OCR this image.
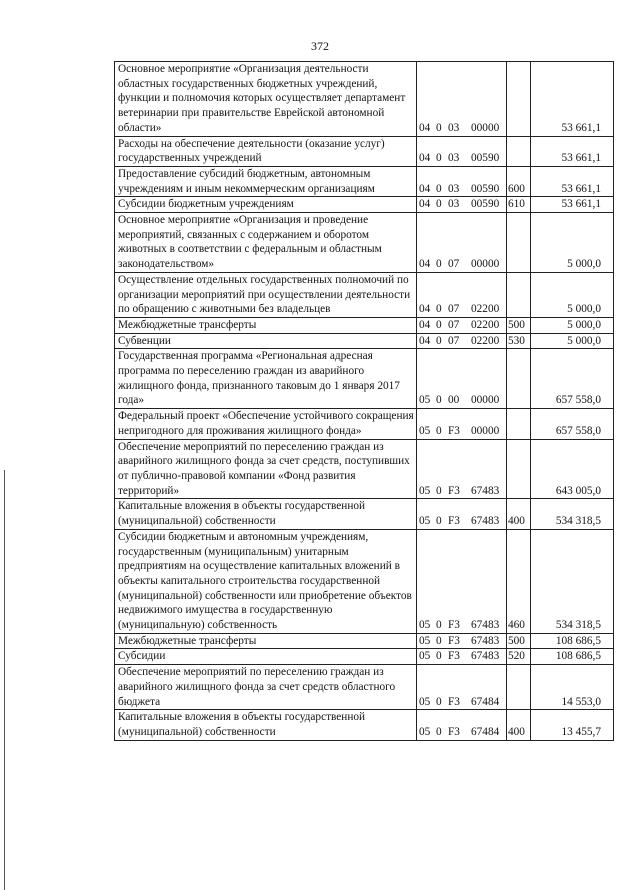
372
Основное мероприятие «Организация деятельности областных государственных бюджетных учреждений, функции и полномочия которых осуществляет департамент ветеринарии при правительстве Еврейской автономной области»	04 0 03 00000		53 661,1
Расходы на обеспечение деятельности (оказание услуг) государственных учреждений	04 0 03 00590		53 661,1
Предоставление субсидий бюджетным, автономным учреждениям и иным некоммерческим организациям	04 0 03 00590	600	53 661,1
Субсидии бюджетным учреждениям	04 0 03 00590	610	53 661,1
Основное мероприятие «Организация и проведение мероприятий, связанных с содержанием и оборотом животных в соответствии с федеральным и областным законодательством»	04 0 07 00000		5 000,0
Осуществление отдельных государственных полномочий по организации мероприятий при осуществлении деятельности по обращению с животными без владельцев	04 0 07 02200		5 000,0
Межбюджетные трансферты	04 0 07 02200	500	5 000,0
Субвенции	04 0 07 02200	530	5 000,0
Государственная программа «Региональная адресная программа по переселению граждан из аварийного жилищного фонда, признанного таковым до 1 января 2017 года»	05 0 00 00000		657 558,0
Федеральный проект «Обеспечение устойчивого сокращения непригодного для проживания жилищного фонда»	05 0 F3 00000		657 558,0
Обеспечение мероприятий по переселению граждан из аварийного жилищного фонда за счет средств, поступивших от публично-правовой компании «Фонд развития территорий»	05 0 F3 67483		643 005,0
Капитальные вложения в объекты государственной (муниципальной) собственности	05 0 F3 67483	400	534 318,5
Субсидии бюджетным и автономным учреждениям, государственным (муниципальным) унитарным предприятиям на осуществление капитальных вложений в объекты капитального строительства государственной (муниципальной) собственности или приобретение объектов недвижимого имущества в государственную (муниципальную) собственность	05 0 F3 67483	460	534 318,5
Межбюджетные трансферты	05 0 F3 67483	500	108 686,5
Субсидии	05 0 F3 67483	520	108 686,5
Обеспечение мероприятий по переселению граждан из аварийного жилищного фонда за счет средств областного бюджета	05 0 F3 67484		14 553,0
Капитальные вложения в объекты государственной (муниципальной) собственности	05 0 F3 67484	400	13 455,7
